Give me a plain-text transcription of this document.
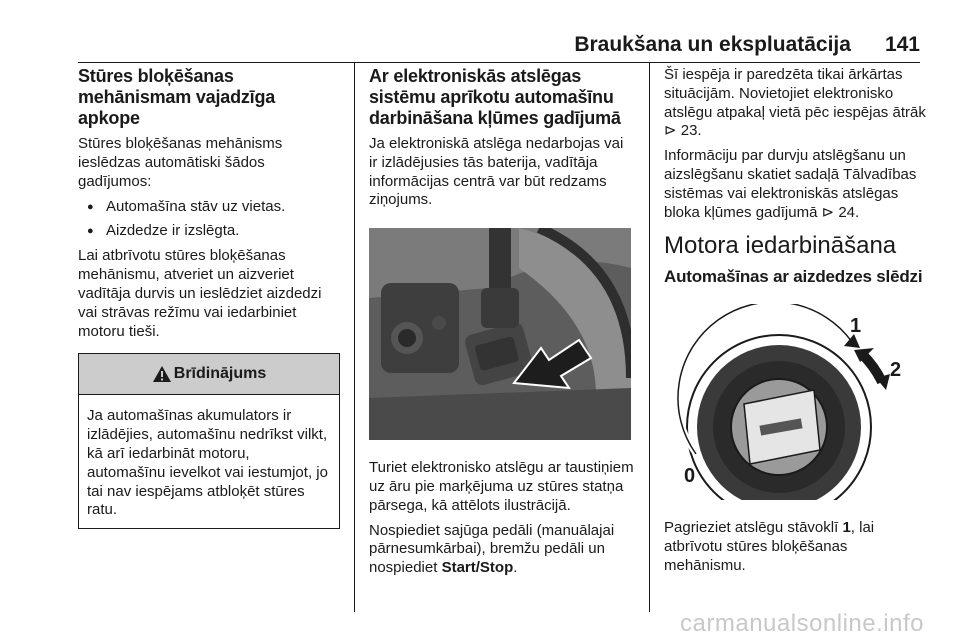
Braukšana un ekspluatācija 141
Stūres bloķēšanas mehānismam vajadzīga apkope

Stūres bloķēšanas mehānisms ieslēdzas automātiski šādos gadījumos:

● Automašīna stāv uz vietas.
● Aizdedze ir izslēgta.

Lai atbrīvotu stūres bloķēšanas mehānismu, atveriet un aizveriet vadītāja durvis un ieslēdziet aizdedzi vai strāvas režīmu vai iedarbiniet motoru tieši.

Brīdinājums

Ja automašīnas akumulators ir izlādējies, automašīnu nedrīkst vilkt, kā arī iedarbināt motoru, automašīnu ievelkot vai iestumjot, jo tai nav iespējams atbloķēt stūres ratu.

Ar elektroniskās atslēgas sistēmu aprīkotu automašīnu darbināšana kļūmes gadījumā

Ja elektroniskā atslēga nedarbojas vai ir izlādējusies tās baterija, vadītāja informācijas centrā var būt redzams ziņojums.

Turiet elektronisko atslēgu ar taustiņiem uz āru pie marķējuma uz stūres statņa pārsega, kā attēlots ilustrācijā.

Nospiediet sajūga pedāli (manuālajai pārnesumkārbai), bremžu pedāli un nospiediet Start/Stop.

Šī iespēja ir paredzēta tikai ārkārtas situācijām. Novietojiet elektronisko atslēgu atpakaļ vietā pēc iespējas ātrāk ⊳ 23.

Informāciju par durvju atslēgšanu un aizslēgšanu skatiet sadaļā Tālvadības sistēmas vai elektroniskās atslēgas bloka kļūmes gadījumā ⊳ 24.

Motora iedarbināšana
Automašīnas ar aizdedzes slēdzi
0
1
2

Pagrieziet atslēgu stāvoklī 1, lai atbrīvotu stūres bloķēšanas mehānismu.

carmanualsonline.info
